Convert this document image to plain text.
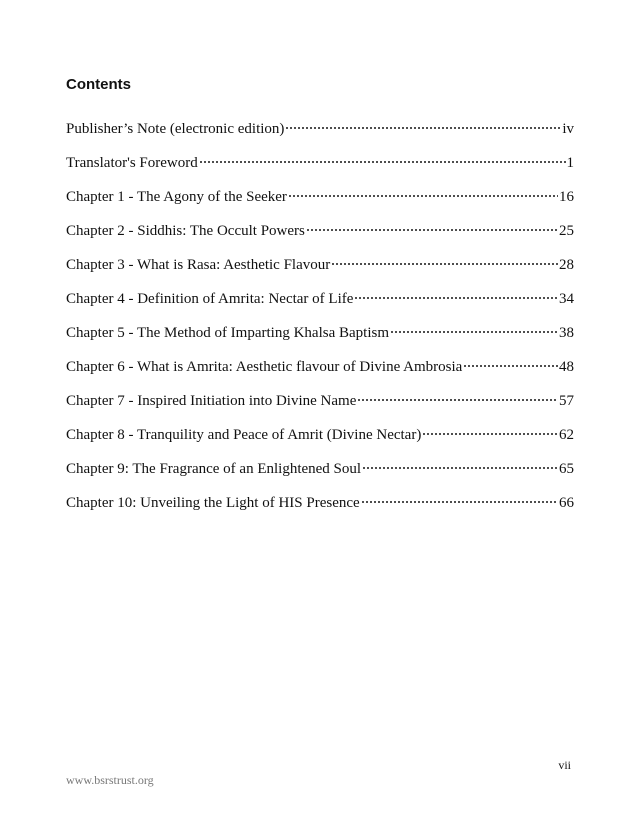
Contents
Publisher’s Note (electronic edition)	iv
Translator's Foreword	1
Chapter 1 - The Agony of the Seeker	16
Chapter 2 - Siddhis: The Occult Powers	25
Chapter 3 - What is Rasa: Aesthetic Flavour	28
Chapter 4 - Definition of Amrita: Nectar of Life	34
Chapter 5 - The Method of Imparting Khalsa Baptism	38
Chapter 6 - What is Amrita: Aesthetic flavour of Divine Ambrosia	48
Chapter 7 - Inspired Initiation into Divine Name	57
Chapter 8 - Tranquility and Peace of Amrit (Divine Nectar)	62
Chapter 9: The Fragrance of an Enlightened Soul	65
Chapter 10: Unveiling the Light of HIS Presence	66
vii
www.bsrstrust.org
